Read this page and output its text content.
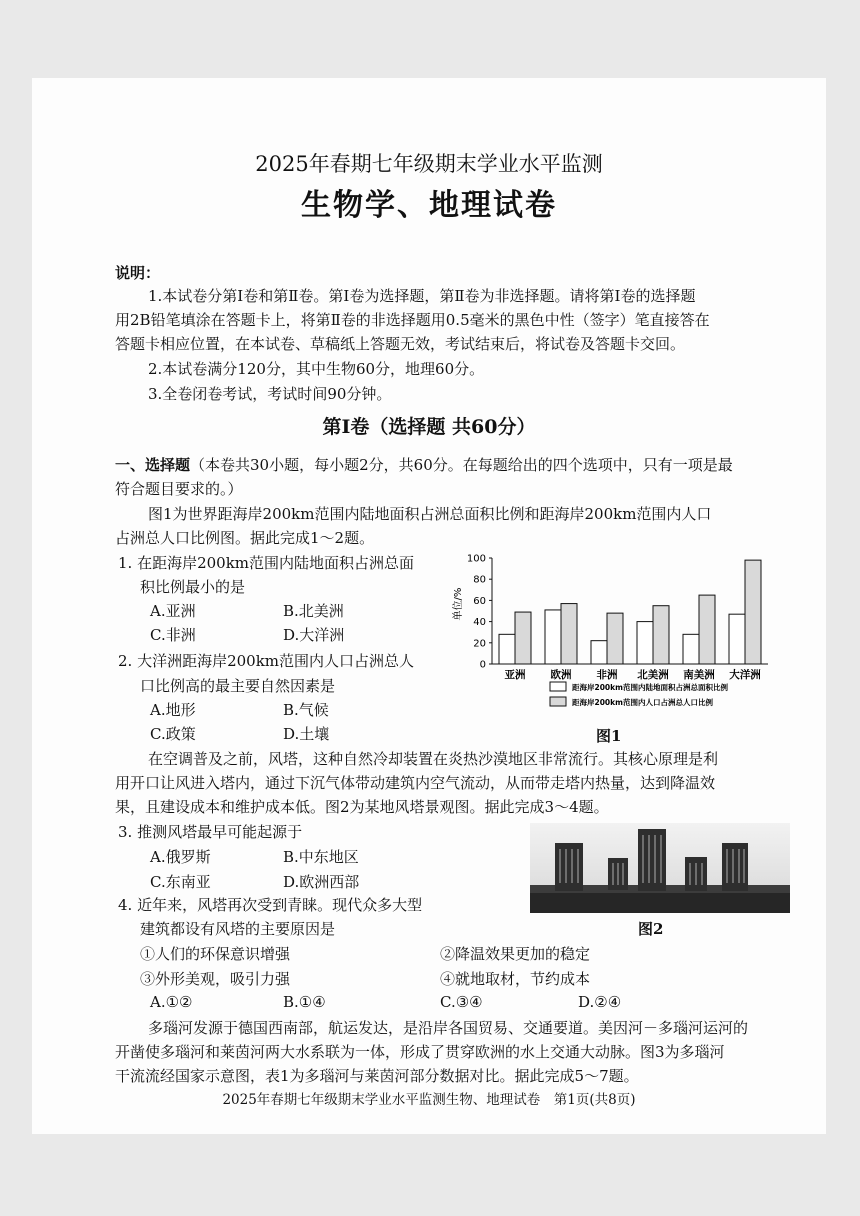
2025年春期七年级期末学业水平监测
生物学、地理试卷
说明：
1.本试卷分第Ⅰ卷和第Ⅱ卷。第Ⅰ卷为选择题，第Ⅱ卷为非选择题。请将第Ⅰ卷的选择题
用2B铅笔填涂在答题卡上，将第Ⅱ卷的非选择题用0.5毫米的黑色中性（签字）笔直接答在
答题卡相应位置，在本试卷、草稿纸上答题无效，考试结束后，将试卷及答题卡交回。
2.本试卷满分120分，其中生物60分，地理60分。
3.全卷闭卷考试，考试时间90分钟。
第Ⅰ卷（选择题 共60分）
一、选择题（本卷共30小题，每小题2分，共60分。在每题给出的四个选项中，只有一项是最
符合题目要求的。）
图1为世界距海岸200km范围内陆地面积占洲总面积比例和距海岸200km范围内人口
占洲总人口比例图。据此完成1～2题。
1. 在距海岸200km范围内陆地面积占洲总面
积比例最小的是
A.亚洲	B.北美洲
C.非洲	D.大洋洲
2. 大洋洲距海岸200km范围内人口占洲总人
口比例高的最主要自然因素是
A.地形	B.气候
C.政策	D.土壤
单位/%
0
20
40
60
80
100
亚洲 欧洲 非洲 北美洲 南美洲 大洋洲
距海岸200km范围内陆地面积占洲总面积比例
距海岸200km范围内人口占洲总人口比例
图1
在空调普及之前，风塔，这种自然冷却装置在炎热沙漠地区非常流行。其核心原理是利
用开口让风进入塔内，通过下沉气体带动建筑内空气流动，从而带走塔内热量，达到降温效
果，且建设成本和维护成本低。图2为某地风塔景观图。据此完成3～4题。
3. 推测风塔最早可能起源于
A.俄罗斯	B.中东地区
C.东南亚	D.欧洲西部
图2
4. 近年来，风塔再次受到青睐。现代众多大型
建筑都设有风塔的主要原因是
①人们的环保意识增强	②降温效果更加的稳定
③外形美观，吸引力强	④就地取材，节约成本
A.①②	B.①④	C.③④	D.②④
多瑙河发源于德国西南部，航运发达，是沿岸各国贸易、交通要道。美因河－多瑙河运河的
开凿使多瑙河和莱茵河两大水系联为一体，形成了贯穿欧洲的水上交通大动脉。图3为多瑙河
干流流经国家示意图，表1为多瑙河与莱茵河部分数据对比。据此完成5～7题。
2025年春期七年级期末学业水平监测生物、地理试卷　第1页(共8页)
